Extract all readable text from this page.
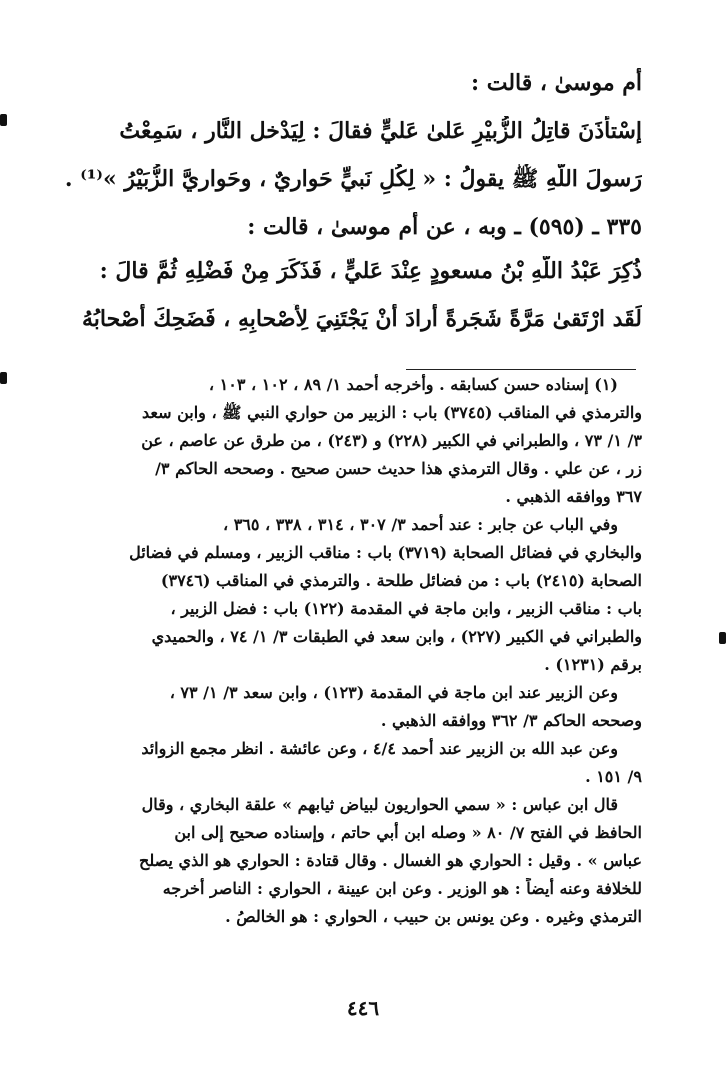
أم موسىٰ ، قالت :
إسْتأْذَنَ قاتِلُ الزُّبيْرِ عَلىٰ عَليٍّ فقالَ : لِيَدْخل النَّار ، سَمِعْتُ
رَسولَ اللَّهِ ﷺ يقولُ : « لِكُلِ نَبيٍّ حَواريٌ ، وحَواريَّ الزُّبَيْرُ »⁽¹⁾ .
٣٣٥ ـ (٥٩٥) ـ وبه ، عن أم موسىٰ ، قالت :
ذُكِرَ عَبْدُ اللَّهِ بْنُ مسعودٍ عِنْدَ عَليٍّ ، فَذَكَرَ مِنْ فَضْلِهِ ثُمَّ قالَ :
لَقَد ارْتَقىٰ مَرَّةً شَجَرةً أَرادَ أَنْ يَجْتَنِيَ لِأَصْحابِهِ ، فَضَحِكَ أَصْحابُهُ
(١) إسناده حسن كسابقه . وأخرجه أحمد ١/ ٨٩ ، ١٠٢ ، ١٠٣ ،
والترمذي في المناقب (٣٧٤٥) باب : الزبير من حواري النبي ﷺ ، وابن سعد
٣/ ١/ ٧٣ ، والطبراني في الكبير (٢٢٨) و (٢٤٣) ، من طرق عن عاصم ، عن
زر ، عن علي . وقال الترمذي هذا حديث حسن صحيح . وصححه الحاكم ٣/
٣٦٧ ووافقه الذهبي .
وفي الباب عن جابر : عند أحمد ٣/ ٣٠٧ ، ٣١٤ ، ٣٣٨ ، ٣٦٥ ،
والبخاري في فضائل الصحابة (٣٧١٩) باب : مناقب الزبير ، ومسلم في فضائل
الصحابة (٢٤١٥) باب : من فضائل طلحة . والترمذي في المناقب (٣٧٤٦)
باب : مناقب الزبير ، وابن ماجة في المقدمة (١٢٢) باب : فضل الزبير ،
والطبراني في الكبير (٢٢٧) ، وابن سعد في الطبقات ٣/ ١/ ٧٤ ، والحميدي
برقم (١٢٣١) .
وعن الزبير عند ابن ماجة في المقدمة (١٢٣) ، وابن سعد ٣/ ١/ ٧٣ ،
وصححه الحاكم ٣/ ٣٦٢ ووافقه الذهبي .
وعن عبد الله بن الزبير عند أحمد ٤/٤ ، وعن عائشة . انظر مجمع الزوائد
٩/ ١٥١ .
قال ابن عباس : « سمي الحواريون لبياض ثيابهم » علقة البخاري ، وقال
الحافظ في الفتح ٧/ ٨٠ « وصله ابن أبي حاتم ، وإسناده صحيح إلى ابن
عباس » . وقيل : الحواري هو الغسال . وقال قتادة : الحواري هو الذي يصلح
للخلافة وعنه أيضاً : هو الوزير . وعن ابن عيينة ، الحواري : الناصر أخرجه
الترمذي وغيره . وعن يونس بن حبيب ، الحواري : هو الخالصُ .
٤٤٦
